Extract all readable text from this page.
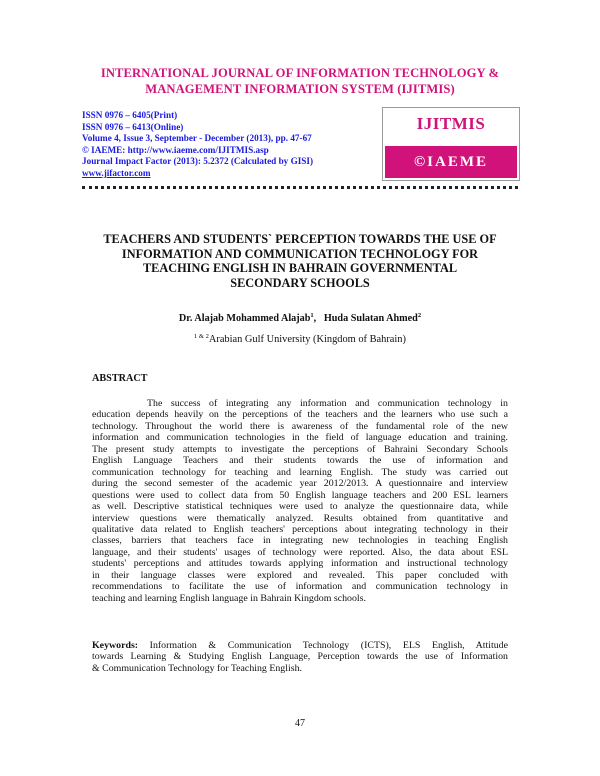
INTERNATIONAL JOURNAL OF INFORMATION TECHNOLOGY &
MANAGEMENT INFORMATION SYSTEM (IJITMIS)
ISSN 0976 – 6405(Print)
ISSN 0976 – 6413(Online)
Volume 4, Issue 3, September - December (2013), pp. 47-67
© IAEME: http://www.iaeme.com/IJITMIS.asp
Journal Impact Factor (2013): 5.2372 (Calculated by GISI)
www.jifactor.com
IJITMIS
©IAEME
TEACHERS AND STUDENTS` PERCEPTION TOWARDS THE USE OF
INFORMATION AND COMMUNICATION TECHNOLOGY FOR
TEACHING ENGLISH IN BAHRAIN GOVERNMENTAL
SECONDARY SCHOOLS
Dr. Alajab Mohammed Alajab$^1$, Huda Sulatan Ahmed$^2$
$^{1 \& 2}$Arabian Gulf University (Kingdom of Bahrain)
ABSTRACT
The success of integrating any information and communication technology in
education depends heavily on the perceptions of the teachers and the learners who use such a
technology. Throughout the world there is awareness of the fundamental role of the new
information and communication technologies in the field of language education and training.
The present study attempts to investigate the perceptions of Bahraini Secondary Schools
English Language Teachers and their students towards the use of information and
communication technology for teaching and learning English. The study was carried out
during the second semester of the academic year 2012/2013. A questionnaire and interview
questions were used to collect data from 50 English language teachers and 200 ESL learners
as well. Descriptive statistical techniques were used to analyze the questionnaire data, while
interview questions were thematically analyzed. Results obtained from quantitative and
qualitative data related to English teachers' perceptions about integrating technology in their
classes, barriers that teachers face in integrating new technologies in teaching English
language, and their students' usages of technology were reported. Also, the data about ESL
students' perceptions and attitudes towards applying information and instructional technology
in their language classes were explored and revealed. This paper concluded with
recommendations to facilitate the use of information and communication technology in
teaching and learning English language in Bahrain Kingdom schools.
Keywords: Information & Communication Technology (ICTS), ELS English, Attitude
towards Learning & Studying English Language, Perception towards the use of Information
& Communication Technology for Teaching English.
47
